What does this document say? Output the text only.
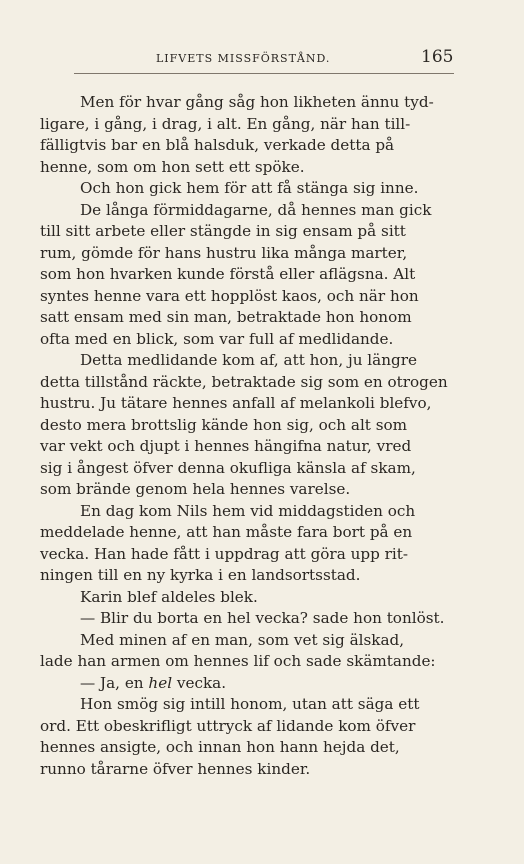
LIFVETS MISSFÖRSTÅND.	165
Men för hvar gång såg hon likheten ännu tyd-
ligare, i gång, i drag, i alt. En gång, när han till-
fälligtvis bar en blå halsduk, verkade detta på
henne, som om hon sett ett spöke.
Och hon gick hem för att få stänga sig inne.
De långa förmiddagarne, då hennes man gick
till sitt arbete eller stängde in sig ensam på sitt
rum, gömde för hans hustru lika många marter,
som hon hvarken kunde förstå eller aflägsna. Alt
syntes henne vara ett hopplöst kaos, och när hon
satt ensam med sin man, betraktade hon honom
ofta med en blick, som var full af medlidande.
Detta medlidande kom af, att hon, ju längre
detta tillstånd räckte, betraktade sig som en otrogen
hustru. Ju tätare hennes anfall af melankoli blefvo,
desto mera brottslig kände hon sig, och alt som
var vekt och djupt i hennes hängifna natur, vred
sig i ångest öfver denna okufliga känsla af skam,
som brände genom hela hennes varelse.
En dag kom Nils hem vid middagstiden och
meddelade henne, att han måste fara bort på en
vecka. Han hade fått i uppdrag att göra upp rit-
ningen till en ny kyrka i en landsortsstad.
Karin blef aldeles blek.
— Blir du borta en hel vecka? sade hon tonlöst.
Med minen af en man, som vet sig älskad,
lade han armen om hennes lif och sade skämtande:
— Ja, en hel vecka.
Hon smög sig intill honom, utan att säga ett
ord. Ett obeskrifligt uttryck af lidande kom öfver
hennes ansigte, och innan hon hann hejda det,
runno tårarne öfver hennes kinder.
